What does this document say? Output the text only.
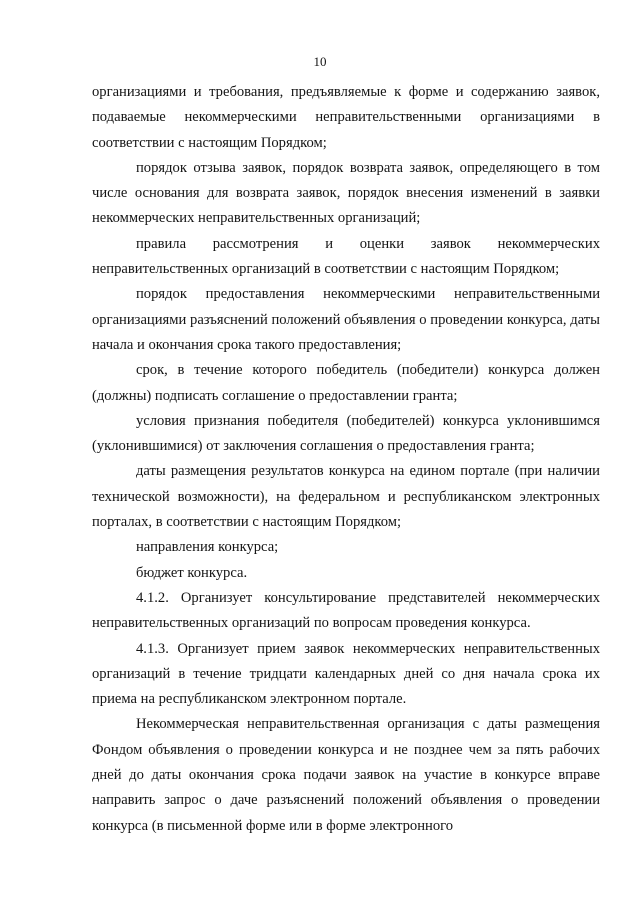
10

организациями и требования, предъявляемые к форме и содержанию заявок, подаваемые некоммерческими неправительственными организациями в соответствии с настоящим Порядком;

порядок отзыва заявок, порядок возврата заявок, определяющего в том числе основания для возврата заявок, порядок внесения изменений в заявки некоммерческих неправительственных организаций;

правила рассмотрения и оценки заявок некоммерческих неправительственных организаций в соответствии с настоящим Порядком;

порядок предоставления некоммерческими неправительственными организациями разъяснений положений объявления о проведении конкурса, даты начала и окончания срока такого предоставления;

срок, в течение которого победитель (победители) конкурса должен (должны) подписать соглашение о предоставлении гранта;

условия признания победителя (победителей) конкурса уклонившимся (уклонившимися) от заключения соглашения о предоставления гранта;

даты размещения результатов конкурса на едином портале (при наличии технической возможности), на федеральном и республиканском электронных порталах, в соответствии с настоящим Порядком;

направления конкурса;

бюджет конкурса.

4.1.2. Организует консультирование представителей некоммерческих неправительственных организаций по вопросам проведения конкурса.

4.1.3. Организует прием заявок некоммерческих неправительственных организаций в течение тридцати календарных дней со дня начала срока их приема на республиканском электронном портале.

Некоммерческая неправительственная организация с даты размещения Фондом объявления о проведении конкурса и не позднее чем за пять рабочих дней до даты окончания срока подачи заявок на участие в конкурсе вправе направить запрос о даче разъяснений положений объявления о проведении конкурса (в письменной форме или в форме электронного
